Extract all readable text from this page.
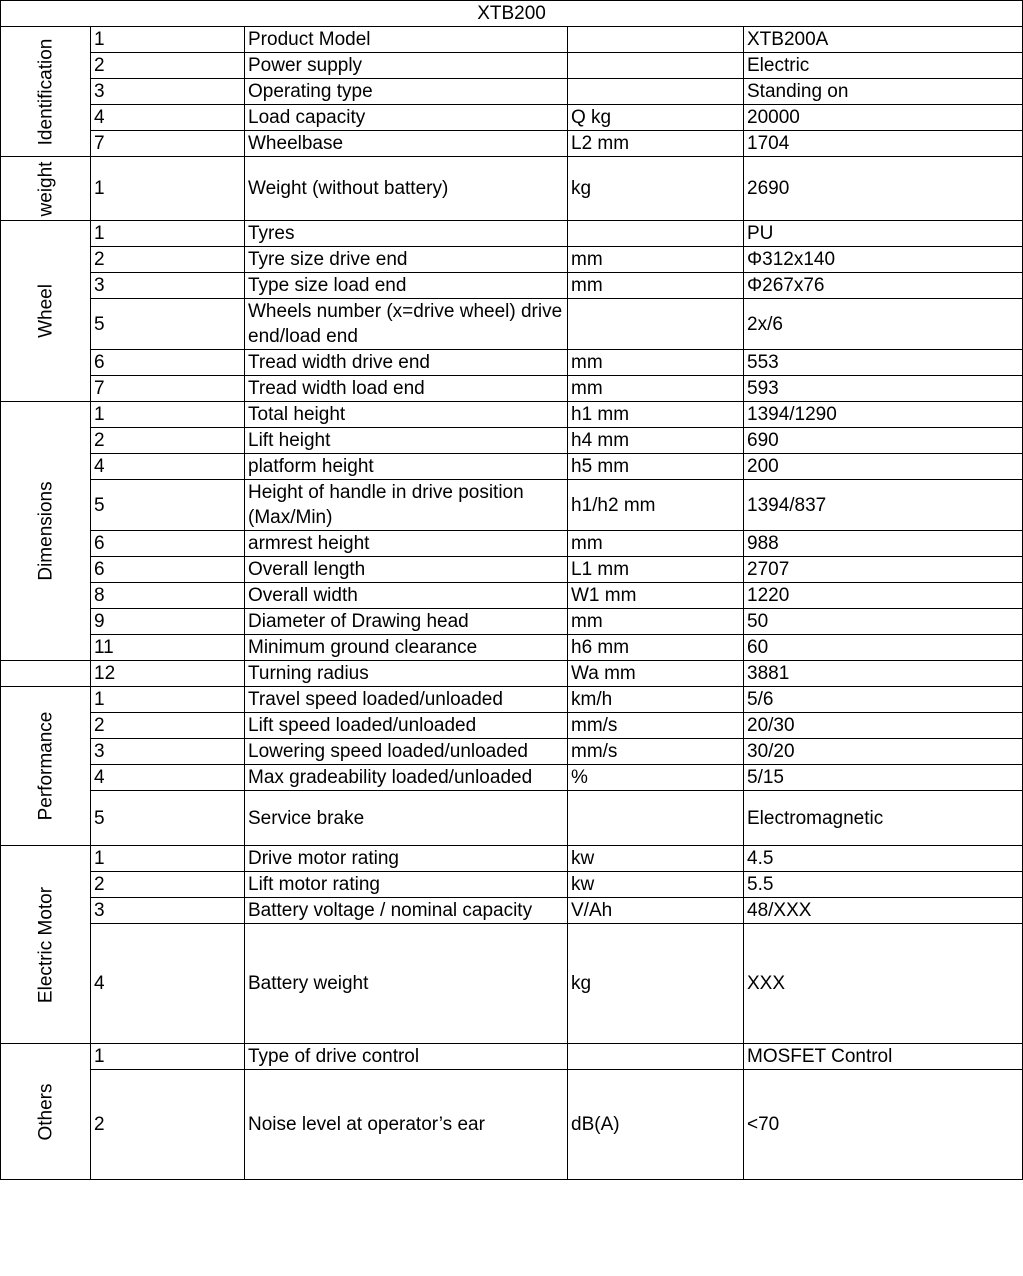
XTB200				

Identification	1	Product Model		XTB200A
	2	Power supply		Electric
	3	Operating type		Standing on
	4	Load capacity	Q kg	20000
	7	Wheelbase	L2 mm	1704

weight	1	Weight (without battery)	kg	2690

Wheel	1	Tyres		PU
	2	Tyre size drive end	mm	Φ312x140
	3	Type size load end	mm	Φ267x76
	5	Wheels number (x=drive wheel) drive end/load end		2x/6
	6	Tread width drive end	mm	553
	7	Tread width load end	mm	593

Dimensions	1	Total height	h1 mm	1394/1290
	2	Lift height	h4 mm	690
	4	platform height	h5 mm	200
	5	Height of handle in drive position (Max/Min)	h1/h2 mm	1394/837
	6	armrest height	mm	988
	6	Overall length	L1 mm	2707
	8	Overall width	W1 mm	1220
	9	Diameter of Drawing head	mm	50
	11	Minimum ground clearance	h6 mm	60

	12	Turning radius	Wa mm	3881

Performance	1	Travel speed loaded/unloaded	km/h	5/6
	2	Lift speed loaded/unloaded	mm/s	20/30
	3	Lowering speed loaded/unloaded	mm/s	30/20
	4	Max gradeability loaded/unloaded	%	5/15
	5	Service brake		Electromagnetic

Electric Motor	1	Drive motor rating	kw	4.5
	2	Lift motor rating	kw	5.5
	3	Battery voltage / nominal capacity	V/Ah	48/XXX
	4	Battery weight	kg	XXX

Others	1	Type of drive control		MOSFET Control
	2	Noise level at operator’s ear	dB(A)	<70
